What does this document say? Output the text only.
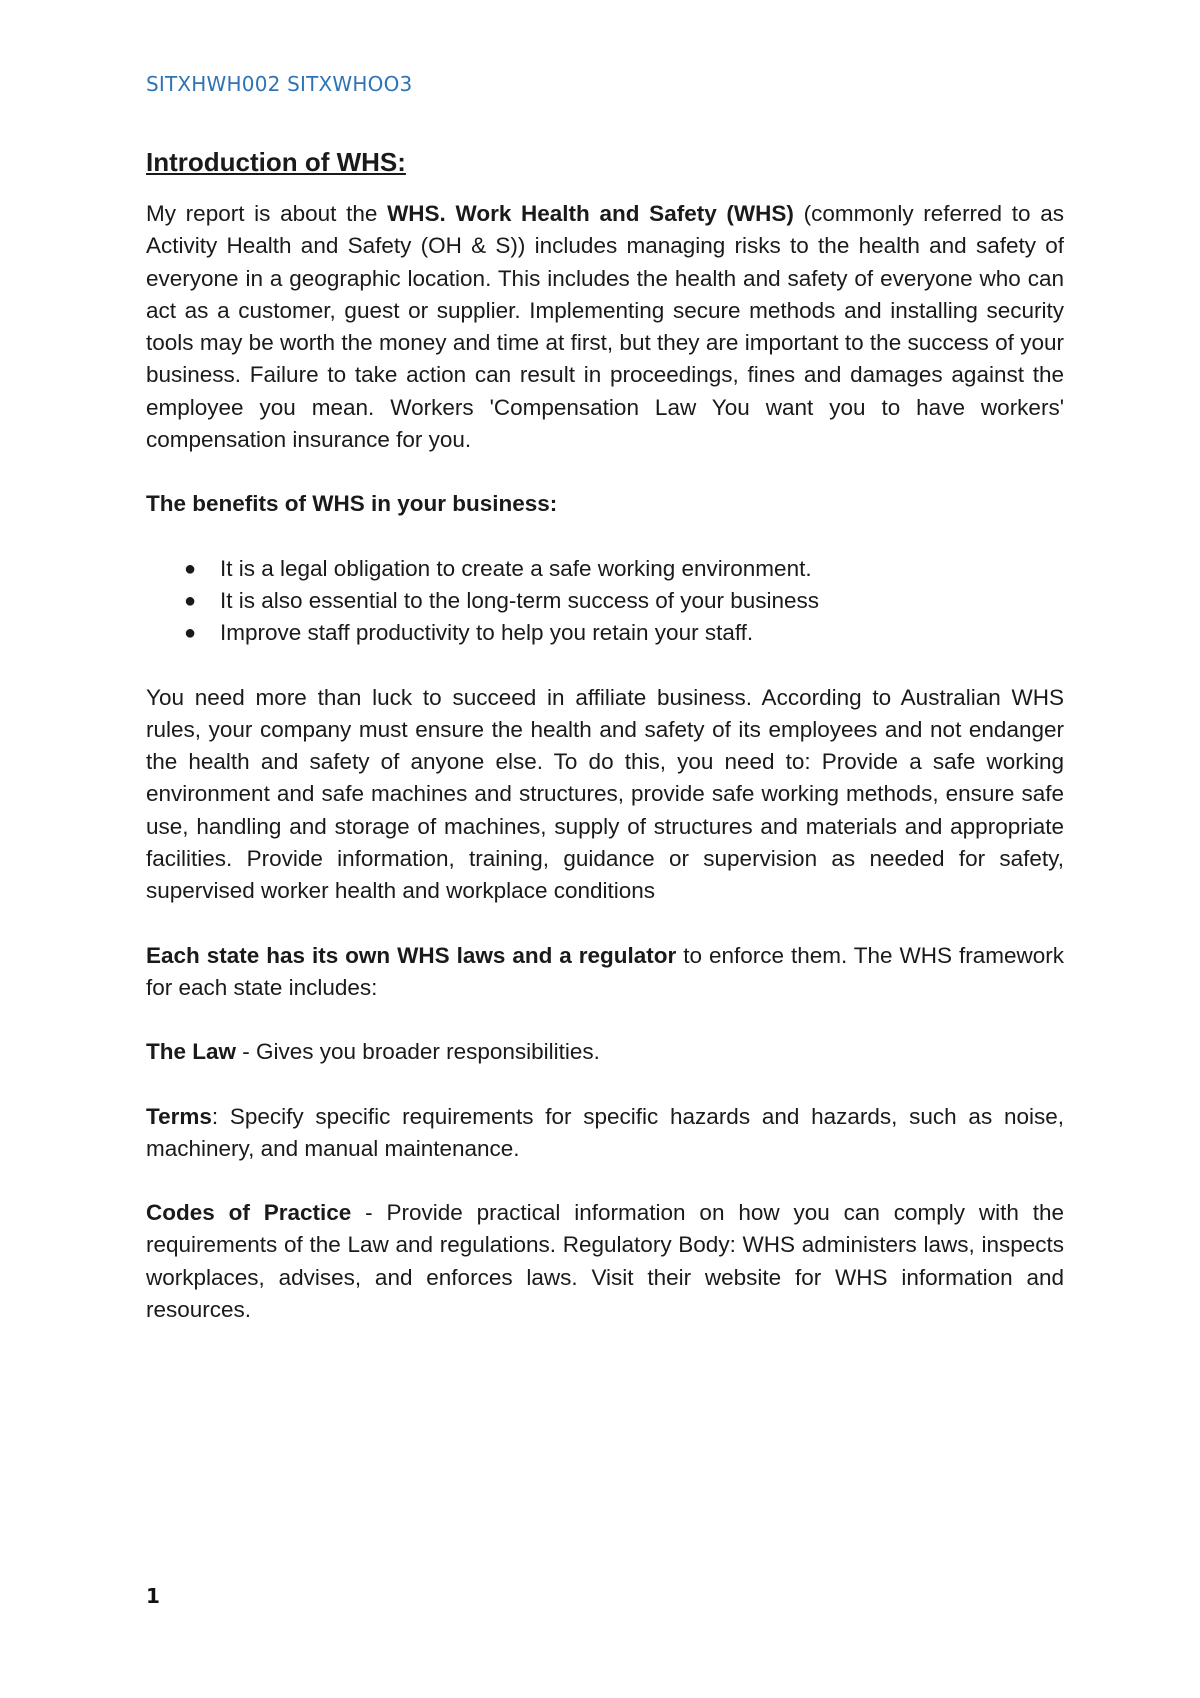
SITXHWH002 SITXWHOO3
Introduction of WHS:

My report is about the WHS. Work Health and Safety (WHS) (commonly referred to as Activity Health and Safety (OH & S)) includes managing risks to the health and safety of everyone in a geographic location. This includes the health and safety of everyone who can act as a customer, guest or supplier. Implementing secure methods and installing security tools may be worth the money and time at first, but they are important to the success of your business. Failure to take action can result in proceedings, fines and damages against the employee you mean. Workers 'Compensation Law You want you to have workers' compensation insurance for you.

The benefits of WHS in your business:
● It is a legal obligation to create a safe working environment.
● It is also essential to the long-term success of your business
● Improve staff productivity to help you retain your staff.

You need more than luck to succeed in affiliate business. According to Australian WHS rules, your company must ensure the health and safety of its employees and not endanger the health and safety of anyone else. To do this, you need to: Provide a safe working environment and safe machines and structures, provide safe working methods, ensure safe use, handling and storage of machines, supply of structures and materials and appropriate facilities. Provide information, training, guidance or supervision as needed for safety, supervised worker health and workplace conditions

Each state has its own WHS laws and a regulator to enforce them. The WHS framework for each state includes:

The Law - Gives you broader responsibilities.

Terms: Specify specific requirements for specific hazards and hazards, such as noise, machinery, and manual maintenance.

Codes of Practice - Provide practical information on how you can comply with the requirements of the Law and regulations. Regulatory Body: WHS administers laws, inspects workplaces, advises, and enforces laws. Visit their website for WHS information and resources.

1
